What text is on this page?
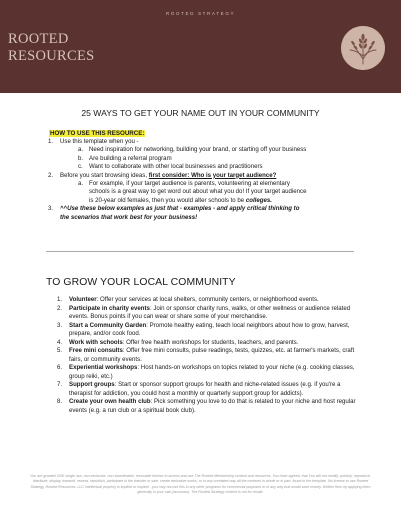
ROOTED STRATEGY
ROOTED
RESOURCES
25 WAYS TO GET YOUR NAME OUT IN YOUR COMMUNITY
HOW TO USE THIS RESOURCE:
1.	Use this template when you -
a. Need inspiration for networking, building your brand, or starting off your business
b. Are building a referral program
c.	Want to collaborate with other local businesses and practitioners
2.	Before you start browsing ideas, first consider: Who is your target audience?
a. For example, if your target audience is parents, volunteering at elementary
schools is a great way to get word out about what you do! If your target audience
is 20-year old females, then you would alter schools to be colleges.
3.	^^Use these below examples as just that - examples - and apply critical thinking to
the scenarios that work best for your business!
TO GROW YOUR LOCAL COMMUNITY
1.	Volunteer: Offer your services at local shelters, community centers, or neighborhood events.
2.	Participate in charity events: Join or sponsor charity runs, walks, or other wellness or audience related events. Bonus points if you can wear or share some of your merchandise.
3.	Start a Community Garden: Promote healthy eating, teach local neighbors about how to grow, harvest, prepare, and/or cook food.
4.	Work with schools: Offer free health workshops for students, teachers, and parents.
5.	Free mini consults: Offer free mini consults, pulse readings, tests, quizzes, etc. at farmer's markets, craft fairs, or community events.
6.	Experiential workshops: Host hands-on workshops on topics related to your niche (e.g. cooking classes, group reiki, etc.)
7.	Support groups: Start or sponsor support groups for health and niche-related issues (e.g. if you're a therapist for addiction, you could host a monthly or quarterly support group for addicts).
8.	Create your own health club: Pick something you love to do that is related to your niche and host regular events (e.g. a run club or a spiritual book club).
You are granted ONE single use, non-exclusive, non-transferable, revocable license to access and use The Rooted Membership content and resources. You have agreed, that You will not modify, publicly, reproduce, distribute, display, transmit, resend, republish, participate in the transfer or sale, create derivative works, or in any unrelated way all the contents in whole or in part, found in the template. No license to use Rooted Strategy, Rooted Resources, LLC intellectual property is implied or implied - you may not use this in any other programs for commercial purposes or in any way that would save money. Written form by applying them generally in your own (accounts). The Rooted Strategy content is not for resale.
